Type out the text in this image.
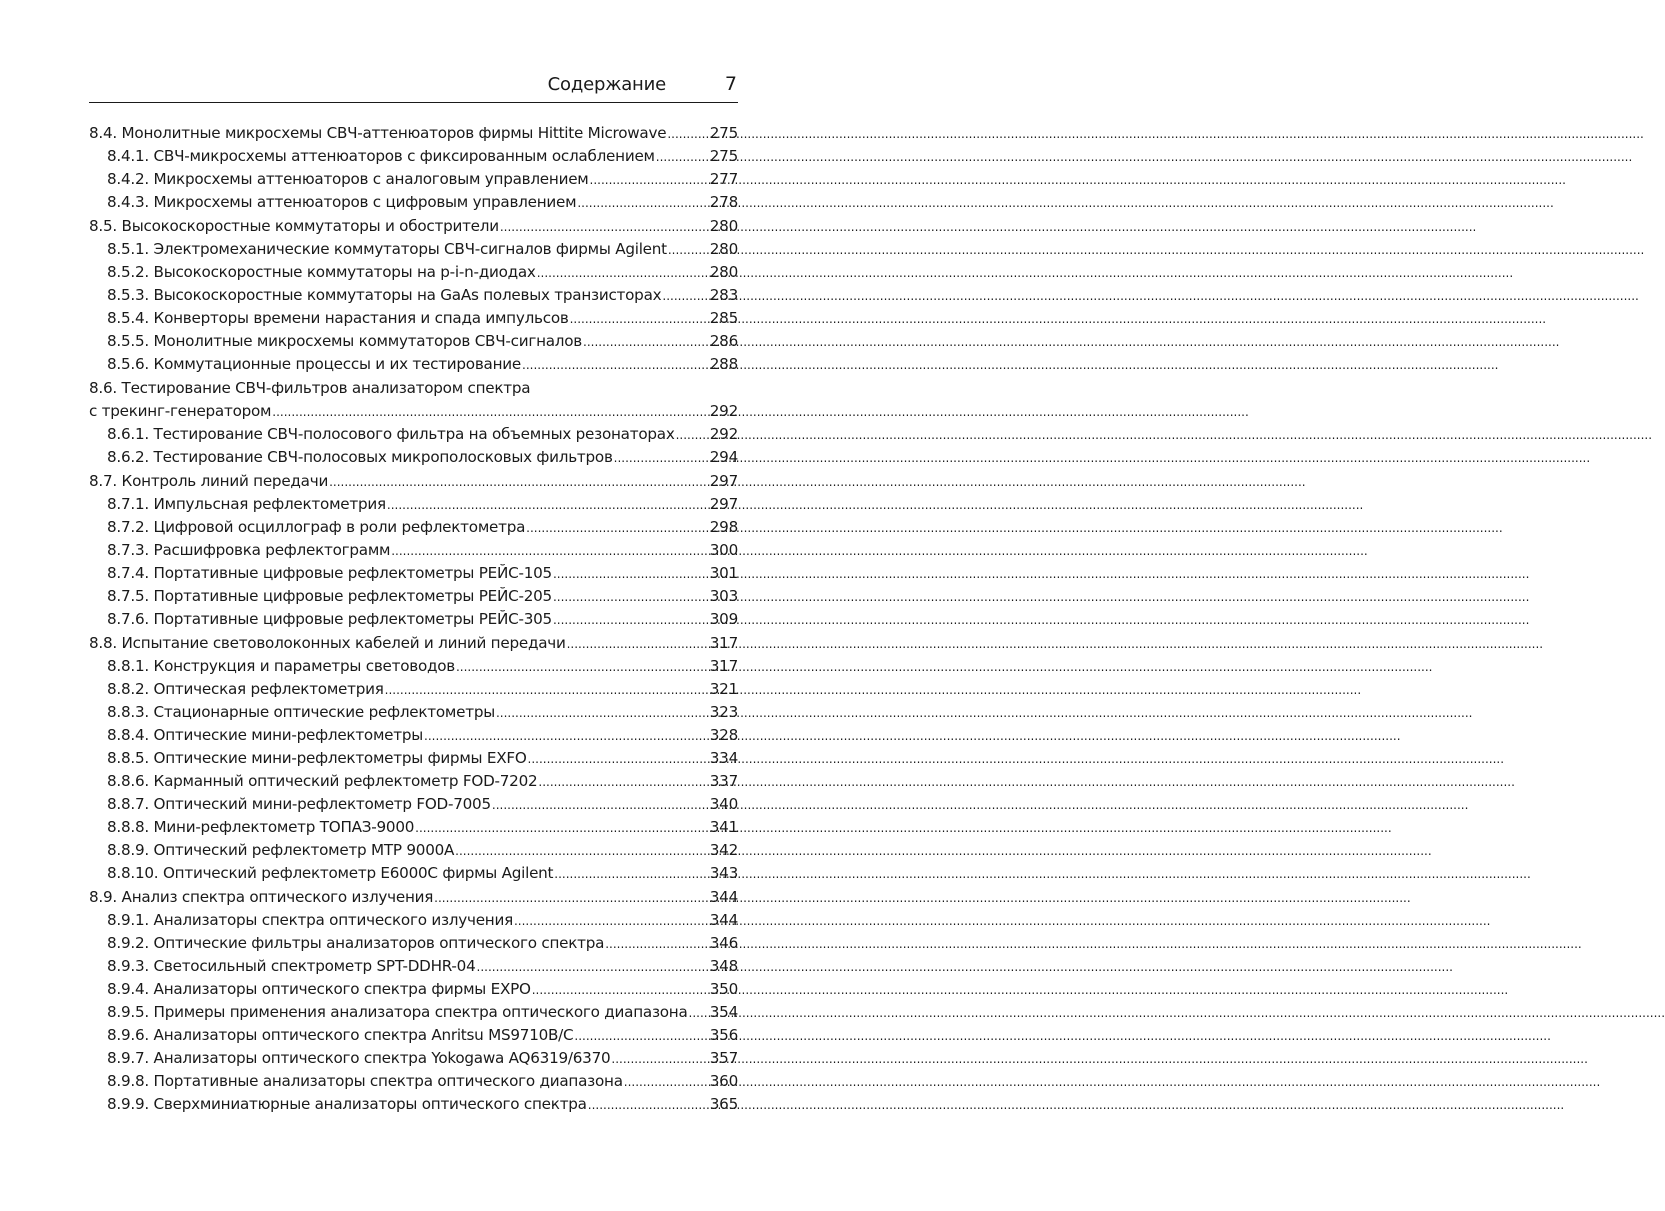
Содержание	7
8.4. Монолитные микросхемы СВЧ-аттенюаторов фирмы Hittite Microwave .....	275
8.4.1. СВЧ-микросхемы аттенюаторов с фиксированным ослаблением .....	275
8.4.2. Микросхемы аттенюаторов с аналоговым управлением .....	277
8.4.3. Микросхемы аттенюаторов с цифровым управлением .....	278
8.5. Высокоскоростные коммутаторы и обострители .....	280
8.5.1. Электромеханические коммутаторы СВЧ-сигналов фирмы Agilent .....	280
8.5.2. Высокоскоростные коммутаторы на p-i-n-диодах .....	280
8.5.3. Высокоскоростные коммутаторы на GaAs полевых транзисторах .....	283
8.5.4. Конверторы времени нарастания и спада импульсов .....	285
8.5.5. Монолитные микросхемы коммутаторов СВЧ-сигналов .....	286
8.5.6. Коммутационные процессы и их тестирование .....	288
8.6. Тестирование СВЧ-фильтров анализатором спектра
с трекинг-генератором .....	292
8.6.1. Тестирование СВЧ-полосового фильтра на объемных резонаторах ..... 292
8.6.2. Тестирование СВЧ-полосовых микрополосковых фильтров .....	294
8.7. Контроль линий передачи .....	297
8.7.1. Импульсная рефлектометрия .....	297
8.7.2. Цифровой осциллограф в роли рефлектометра .....	298
8.7.3. Расшифровка рефлектограмм .....	300
8.7.4. Портативные цифровые рефлектометры РЕЙС-105 .....	301
8.7.5. Портативные цифровые рефлектометры РЕЙС-205 .....	303
8.7.6. Портативные цифровые рефлектометры РЕЙС-305 .....	309
8.8. Испытание световолоконных кабелей и линий передачи .....	317
8.8.1. Конструкция и параметры световодов .....	317
8.8.2. Оптическая рефлектометрия .....	321
8.8.3. Стационарные оптические рефлектометры .....	323
8.8.4. Оптические мини-рефлектометры .....	328
8.8.5. Оптические мини-рефлектометры фирмы EXFO .....	334
8.8.6. Карманный оптический рефлектометр FOD-7202 .....	337
8.8.7. Оптический мини-рефлектометр FOD-7005 .....	340
8.8.8. Мини-рефлектометр ТОПАЗ-9000 .....	341
8.8.9. Оптический рефлектометр МТР 9000А .....	342
8.8.10. Оптический рефлектометр Е6000С фирмы Agilent .....	343
8.9. Анализ спектра оптического излучения .....	344
8.9.1. Анализаторы спектра оптического излучения .....	344
8.9.2. Оптические фильтры анализаторов оптического спектра .....	346
8.9.3. Светосильный спектрометр SPT-DDHR-04 .....	348
8.9.4. Анализаторы оптического спектра фирмы EXPO .....	350
8.9.5. Примеры применения анализатора спектра оптического диапазона ..... 354
8.9.6. Анализаторы оптического спектра Anritsu MS9710B/C .....	356
8.9.7. Анализаторы оптического спектра Yokogawa AQ6319/6370 .....	357
8.9.8. Портативные анализаторы спектра оптического диапазона .....	360
8.9.9. Сверхминиатюрные анализаторы оптического спектра .....	365
